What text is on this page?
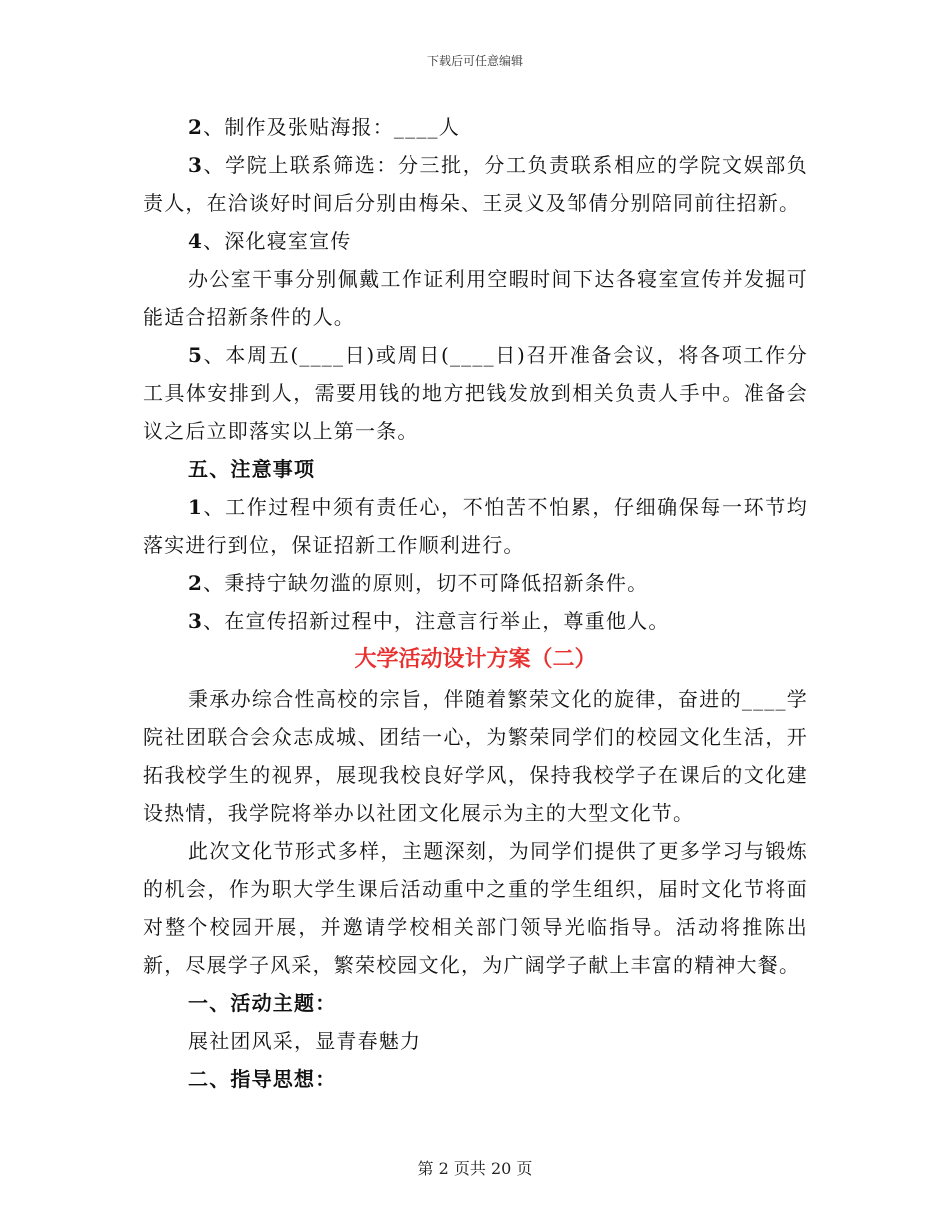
下载后可任意编辑

2、制作及张贴海报：____人

3、学院上联系筛选：分三批，分工负责联系相应的学院文娱部负责人，在洽谈好时间后分别由梅朵、王灵义及邹倩分别陪同前往招新。

4、深化寝室宣传

办公室干事分别佩戴工作证利用空暇时间下达各寝室宣传并发掘可能适合招新条件的人。

5、本周五(____日)或周日(____日)召开准备会议，将各项工作分工具体安排到人，需要用钱的地方把钱发放到相关负责人手中。准备会议之后立即落实以上第一条。

五、注意事项

1、工作过程中须有责任心，不怕苦不怕累，仔细确保每一环节均落实进行到位，保证招新工作顺利进行。

2、秉持宁缺勿滥的原则，切不可降低招新条件。

3、在宣传招新过程中，注意言行举止，尊重他人。

大学活动设计方案（二）

秉承办综合性高校的宗旨，伴随着繁荣文化的旋律，奋进的____学院社团联合会众志成城、团结一心，为繁荣同学们的校园文化生活，开拓我校学生的视界，展现我校良好学风，保持我校学子在课后的文化建设热情，我学院将举办以社团文化展示为主的大型文化节。

此次文化节形式多样，主题深刻，为同学们提供了更多学习与锻炼的机会，作为职大学生课后活动重中之重的学生组织，届时文化节将面对整个校园开展，并邀请学校相关部门领导光临指导。活动将推陈出新，尽展学子风采，繁荣校园文化，为广阔学子献上丰富的精神大餐。

一、活动主题：

展社团风采，显青春魅力

二、指导思想：

第 2 页共 20 页
